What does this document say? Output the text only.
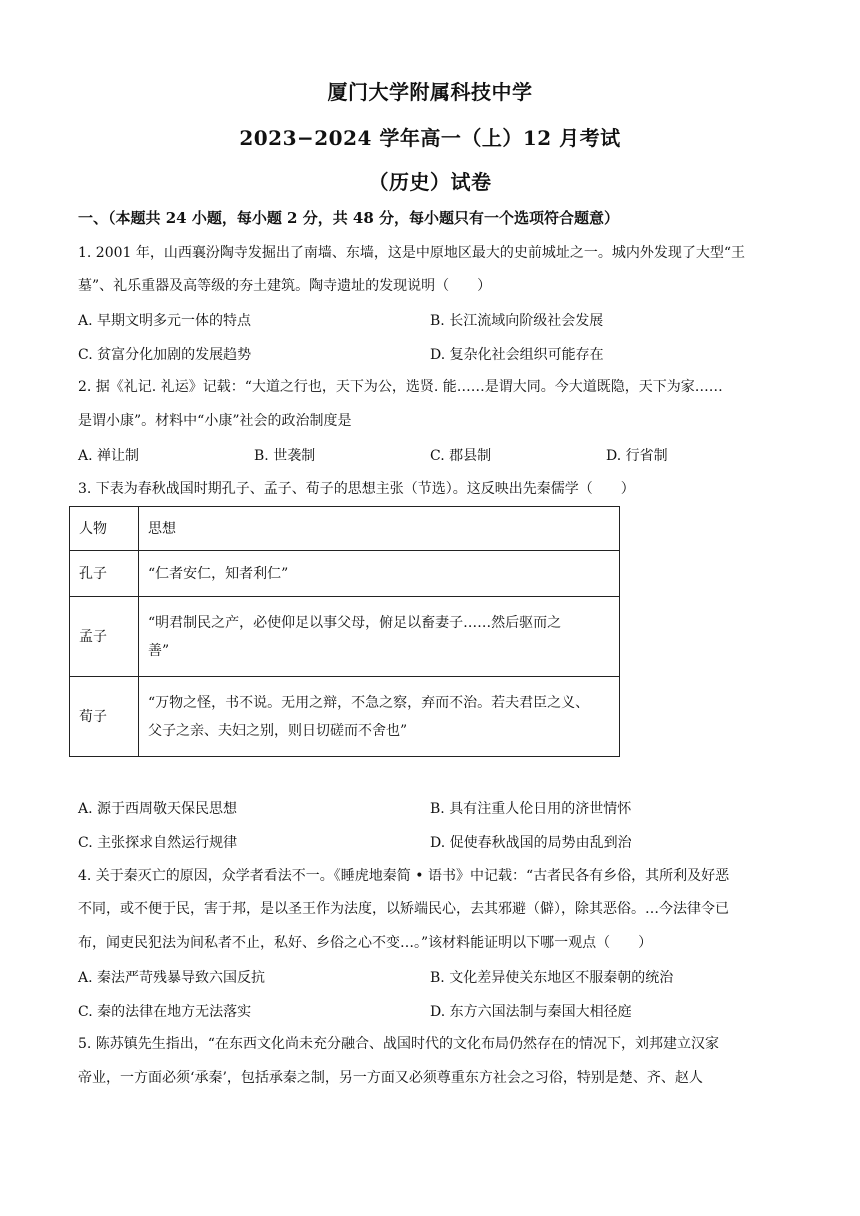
厦门大学附属科技中学
2023−2024 学年高一（上）12 月考试
（历史）试卷
一、（本题共 24 小题，每小题 2 分，共 48 分，每小题只有一个选项符合题意）
1. 2001 年，山西襄汾陶寺发掘出了南墙、东墙，这是中原地区最大的史前城址之一。城内外发现了大型“王
墓”、礼乐重器及高等级的夯土建筑。陶寺遗址的发现说明（　　）
A. 早期文明多元一体的特点	B. 长江流域向阶级社会发展
C. 贫富分化加剧的发展趋势	D. 复杂化社会组织可能存在
2. 据《礼记. 礼运》记载：“大道之行也，天下为公，选贤. 能……是谓大同。今大道既隐，天下为家……
是谓小康”。材料中“小康”社会的政治制度是
A. 禅让制	B. 世袭制	C. 郡县制	D. 行省制
3. 下表为春秋战国时期孔子、孟子、荀子的思想主张（节选）。这反映出先秦儒学（　　）
人物	思想
孔子	“仁者安仁，知者利仁”
孟子	“明君制民之产，必使仰足以事父母，俯足以畜妻子……然后驱而之
善”

荀子	“万物之怪，书不说。无用之辩，不急之察，弃而不治。若夫君臣之义、
父子之亲、夫妇之别，则日切磋而不舍也”
A. 源于西周敬天保民思想	B. 具有注重人伦日用的济世情怀
C. 主张探求自然运行规律	D. 促使春秋战国的局势由乱到治
4. 关于秦灭亡的原因，众学者看法不一。《睡虎地秦简 • 语书》中记载：“古者民各有乡俗，其所利及好恶
不同，或不便于民，害于邦，是以圣王作为法度，以矫端民心，去其邪避（僻），除其恶俗。…今法律令已
布，闻吏民犯法为间私者不止，私好、乡俗之心不变…。”该材料能证明以下哪一观点（　　）
A. 秦法严苛残暴导致六国反抗	B. 文化差异使关东地区不服秦朝的统治
C. 秦的法律在地方无法落实	D. 东方六国法制与秦国大相径庭
5. 陈苏镇先生指出，“在东西文化尚未充分融合、战国时代的文化布局仍然存在的情况下，刘邦建立汉家
帝业，一方面必须‘承秦’，包括承秦之制，另一方面又必须尊重东方社会之习俗，特别是楚、齐、赵人
